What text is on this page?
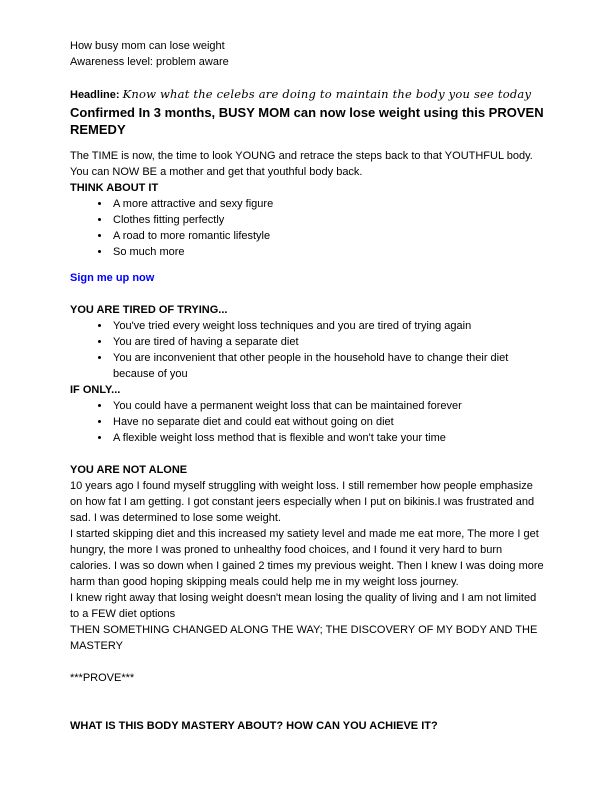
How busy mom can lose weight

Awareness level: problem aware

Headline: Know what the celebs are doing to maintain the body you see today

Confirmed In 3 months, BUSY MOM can now lose weight using this PROVEN REMEDY

The TIME is now, the time to look YOUNG and retrace the steps back to that YOUTHFUL body. You can NOW BE a mother and get that youthful body back.

THINK ABOUT IT

• A more attractive and sexy figure
• Clothes fitting perfectly
• A road to more romantic lifestyle
• So much more
Sign me up now

YOU ARE TIRED OF TRYING...

• You've tried every weight loss techniques and you are tired of trying again
• You are tired of having a separate diet
• You are inconvenient that other people in the household have to change their diet because of you

IF ONLY...

• You could have a permanent weight loss that can be maintained forever
• Have no separate diet and could eat without going on diet
• A flexible weight loss method that is flexible and won't take your time

YOU ARE NOT ALONE

10 years ago I found myself struggling with weight loss. I still remember how people emphasize on how fat I am getting. I got constant jeers especially when I put on bikinis.I was frustrated and sad. I was determined to lose some weight.

I started skipping diet and this increased my satiety level and made me eat more, The more I get hungry, the more I was proned to unhealthy food choices, and I found it very hard to burn calories. I was so down when I gained 2 times my previous weight. Then I knew I was doing more harm than good hoping skipping meals could help me in my weight loss journey.

I knew right away that losing weight doesn't mean losing the quality of living and I am not limited to a FEW diet options

THEN SOMETHING CHANGED ALONG THE WAY; THE DISCOVERY OF MY BODY AND THE MASTERY

***PROVE***

WHAT IS THIS BODY MASTERY ABOUT? HOW CAN YOU ACHIEVE IT?
